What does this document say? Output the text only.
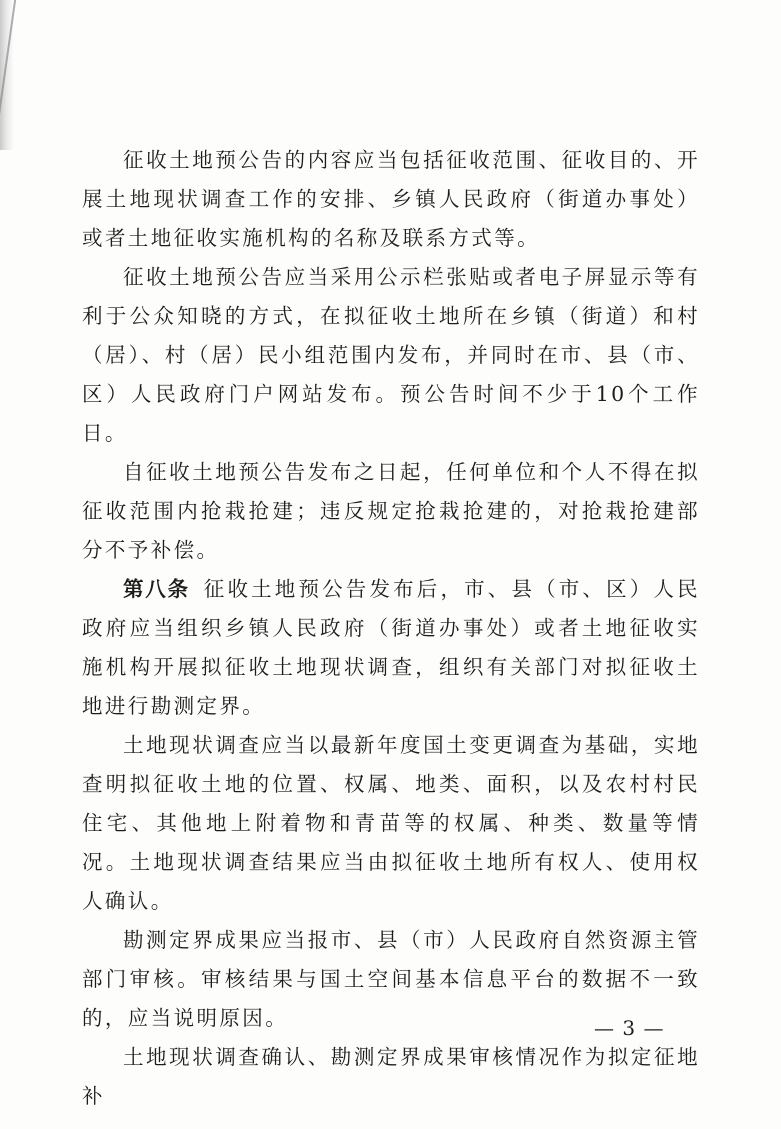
征收土地预公告的内容应当包括征收范围、征收目的、开展土地现状调查工作的安排、乡镇人民政府（街道办事处）或者土地征收实施机构的名称及联系方式等。

征收土地预公告应当采用公示栏张贴或者电子屏显示等有利于公众知晓的方式，在拟征收土地所在乡镇（街道）和村（居）、村（居）民小组范围内发布，并同时在市、县（市、区）人民政府门户网站发布。预公告时间不少于10个工作日。

自征收土地预公告发布之日起，任何单位和个人不得在拟征收范围内抢栽抢建；违反规定抢栽抢建的，对抢栽抢建部分不予补偿。

第八条 征收土地预公告发布后，市、县（市、区）人民政府应当组织乡镇人民政府（街道办事处）或者土地征收实施机构开展拟征收土地现状调查，组织有关部门对拟征收土地进行勘测定界。

土地现状调查应当以最新年度国土变更调查为基础，实地查明拟征收土地的位置、权属、地类、面积，以及农村村民住宅、其他地上附着物和青苗等的权属、种类、数量等情况。土地现状调查结果应当由拟征收土地所有权人、使用权人确认。

勘测定界成果应当报市、县（市）人民政府自然资源主管部门审核。审核结果与国土空间基本信息平台的数据不一致的，应当说明原因。

土地现状调查确认、勘测定界成果审核情况作为拟定征地补

— 3 —
